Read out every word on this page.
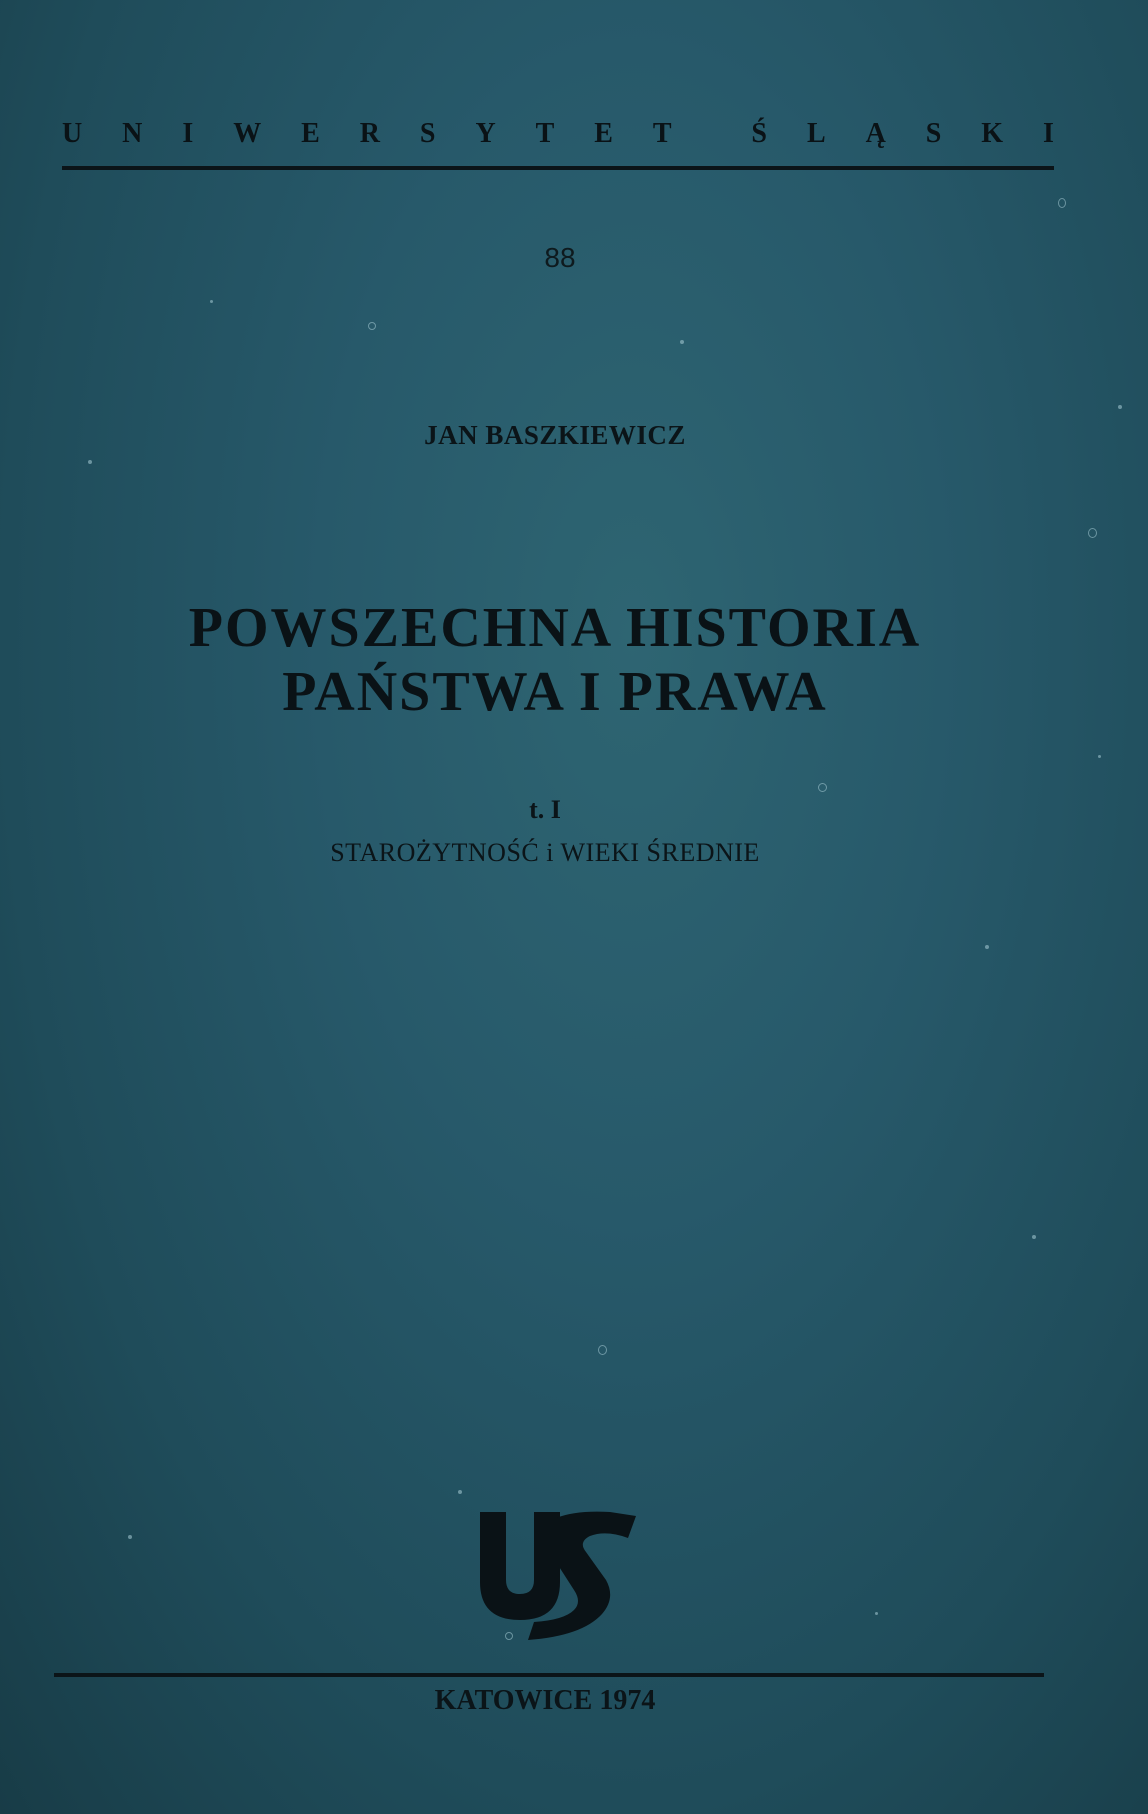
U N I W E R S Y T E T	Ś L Ą S K I
88
JAN BASZKIEWICZ
POWSZECHNA HISTORIA
PAŃSTWA I PRAWA
t. I
STAROŻYTNOŚĆ i WIEKI ŚREDNIE
KATOWICE 1974
